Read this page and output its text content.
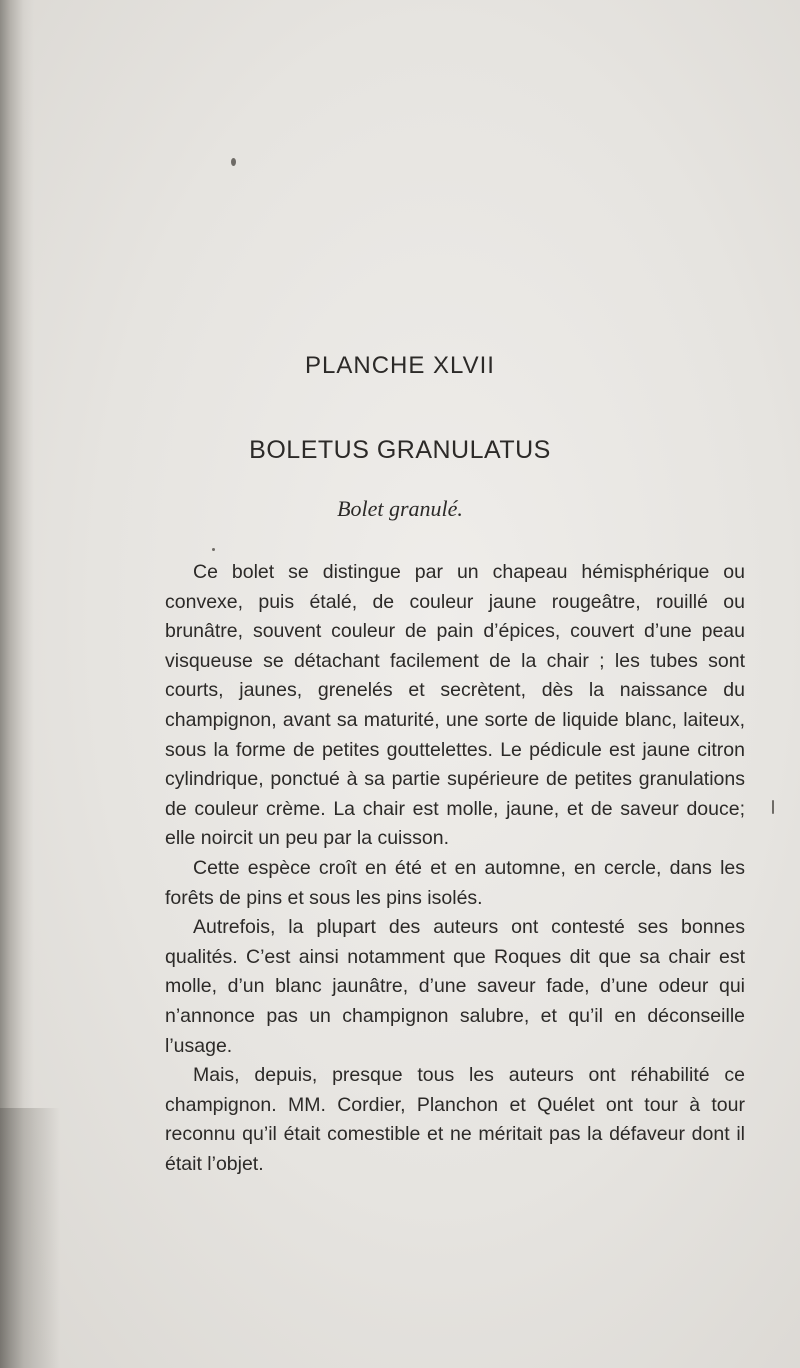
PLANCHE XLVII
BOLETUS GRANULATUS
Bolet granulé.

Ce bolet se distingue par un chapeau hémisphérique ou convexe, puis étalé, de couleur jaune rougeâtre, rouillé ou brunâtre, souvent couleur de pain d’épices, couvert d’une peau visqueuse se détachant facilement de la chair ; les tubes sont courts, jaunes, grenelés et secrètent, dès la naissance du champignon, avant sa maturité, une sorte de liquide blanc, laiteux, sous la forme de petites gouttelettes. Le pédicule est jaune citron cylindrique, ponctué à sa partie supérieure de petites granulations de couleur crème. La chair est molle, jaune, et de saveur douce; elle noircit un peu par la cuisson.

Cette espèce croît en été et en automne, en cercle, dans les forêts de pins et sous les pins isolés.

Autrefois, la plupart des auteurs ont contesté ses bonnes qualités. C’est ainsi notamment que Roques dit que sa chair est molle, d’un blanc jaunâtre, d’une saveur fade, d’une odeur qui n’annonce pas un champignon salubre, et qu’il en déconseille l’usage.

Mais, depuis, presque tous les auteurs ont réhabilité ce champignon. MM. Cordier, Planchon et Quélet ont tour à tour reconnu qu’il était comestible et ne méritait pas la défaveur dont il était l’objet.
